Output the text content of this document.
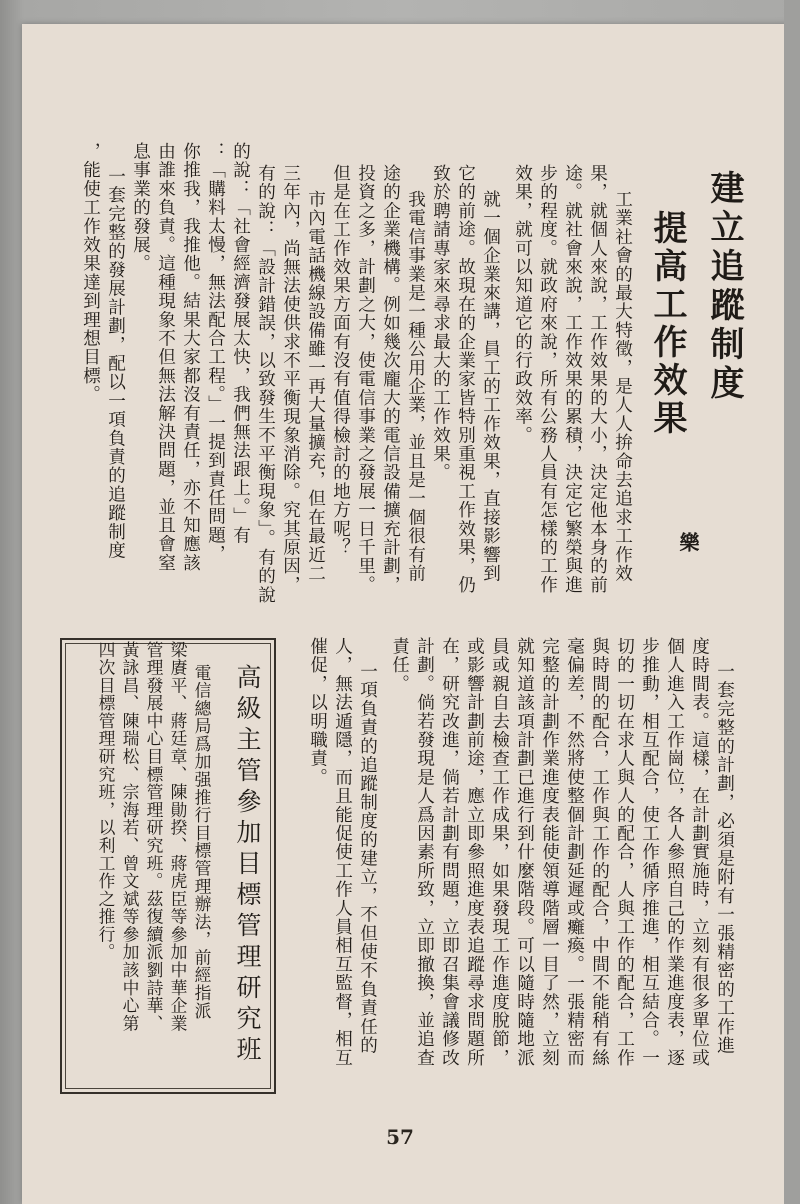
建立追蹤制度
提高工作效果
樂
工業社會的最大特徵，是人人拚命去追求工作效
果，就個人來說，工作效果的大小，決定他本身的前
途。就社會來說，工作效果的累積，決定它繁榮與進
步的程度。就政府來說，所有公務人員有怎樣的工作
效果，就可以知道它的行政效率。
就一個企業來講，員工的工作效果，直接影響到
它的前途。故現在的企業家皆特別重視工作效果，仍
致於聘請專家來尋求最大的工作效果。
我電信事業是一種公用企業，並且是一個很有前
途的企業機構。例如幾次龐大的電信設備擴充計劃，
投資之多，計劃之大，使電信事業之發展一日千里。
但是在工作效果方面有沒有值得檢討的地方呢？
市內電話機線設備雖一再大量擴充，但在最近二
三年內，尚無法使供求不平衡現象消除。究其原因，
有的說：「設計錯誤，以致發生不平衡現象」。有的說
的說：「社會經濟發展太快，我們無法跟上。」有
：「購料太慢，無法配合工程。」一提到責任問題，
你推我，我推他。結果大家都沒有責任，亦不知應該
由誰來負責。這種現象不但無法解決問題，並且會窒
息事業的發展。
一套完整的發展計劃，配以一項負責的追蹤制度
，能使工作效果達到理想目標。
一套完整的計劃，必須是附有一張精密的工作進
度時間表。這樣，在計劃實施時，立刻有很多單位或
個人進入工作崗位，各人參照自己的作業進度表，逐
步推動，相互配合，使工作循序推進，相互結合。一
切的一切在求人與人的配合，人與工作的配合，工作
與時間的配合，工作與工作的配合，中間不能稍有絲
毫偏差，不然將使整個計劃延遲或癱瘓。一張精密而
完整的計劃作業進度表能使領導階層一目了然，立刻
就知道該項計劃已進行到什麼階段。可以隨時隨地派
員或親自去檢查工作成果，如果發現工作進度脫節，
或影響計劃前途，應立即參照進度表追蹤尋求問題所
在，研究改進，倘若計劃有問題，立即召集會議修改
計劃。倘若發現是人爲因素所致，立即撤換，並追查
責任。
一項負責的追蹤制度的建立，不但使不負責任的
人，無法遁隱，而且能促使工作人員相互監督，相互
催促，以明職責。
高級主管參加目標管理研究班
電信總局爲加强推行目標管理辦法，前經指派
梁賡平、蔣廷章、陳勛揆、蔣虎臣等參加中華企業
管理發展中心目標管理研究班。茲復續派劉詩華、
黃詠昌、陳瑞松、宗海若、曾文斌等參加該中心第
四次目標管理研究班，以利工作之推行。
57
